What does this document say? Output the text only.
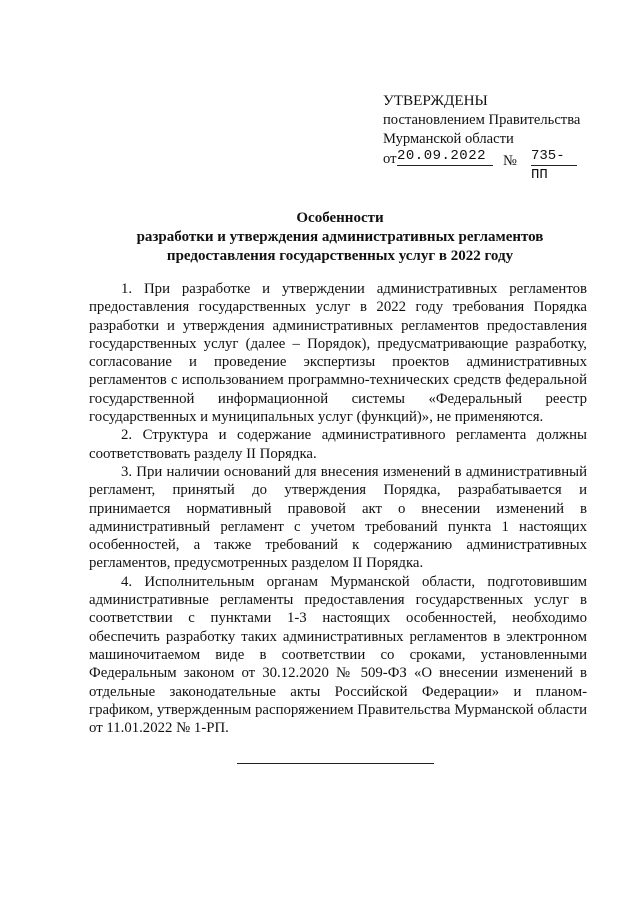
УТВЕРЖДЕНЫ
постановлением Правительства
Мурманской области
от 20.09.2022	№ 735-ПП
Особенности
разработки и утверждения административных регламентов
предоставления государственных услуг в 2022 году

1. При разработке и утверждении административных регламентов предоставления государственных услуг в 2022 году требования Порядка разработки и утверждения административных регламентов предоставления государственных услуг (далее – Порядок), предусматривающие разработку, согласование и проведение экспертизы проектов административных регламентов с использованием программно-технических средств федеральной государственной информационной системы «Федеральный реестр государственных и муниципальных услуг (функций)», не применяются.

2. Структура и содержание административного регламента должны соответствовать разделу II Порядка.

3. При наличии оснований для внесения изменений в административный регламент, принятый до утверждения Порядка, разрабатывается и принимается нормативный правовой акт о внесении изменений в административный регламент с учетом требований пункта 1 настоящих особенностей, а также требований к содержанию административных регламентов, предусмотренных разделом II Порядка.

4. Исполнительным органам Мурманской области, подготовившим административные регламенты предоставления государственных услуг в соответствии с пунктами 1-3 настоящих особенностей, необходимо обеспечить разработку таких административных регламентов в электронном машиночитаемом виде в соответствии со сроками, установленными Федеральным законом от 30.12.2020 № 509-ФЗ «О внесении изменений в отдельные законодательные акты Российской Федерации» и планом-графиком, утвержденным распоряжением Правительства Мурманской области от 11.01.2022 № 1-РП.
